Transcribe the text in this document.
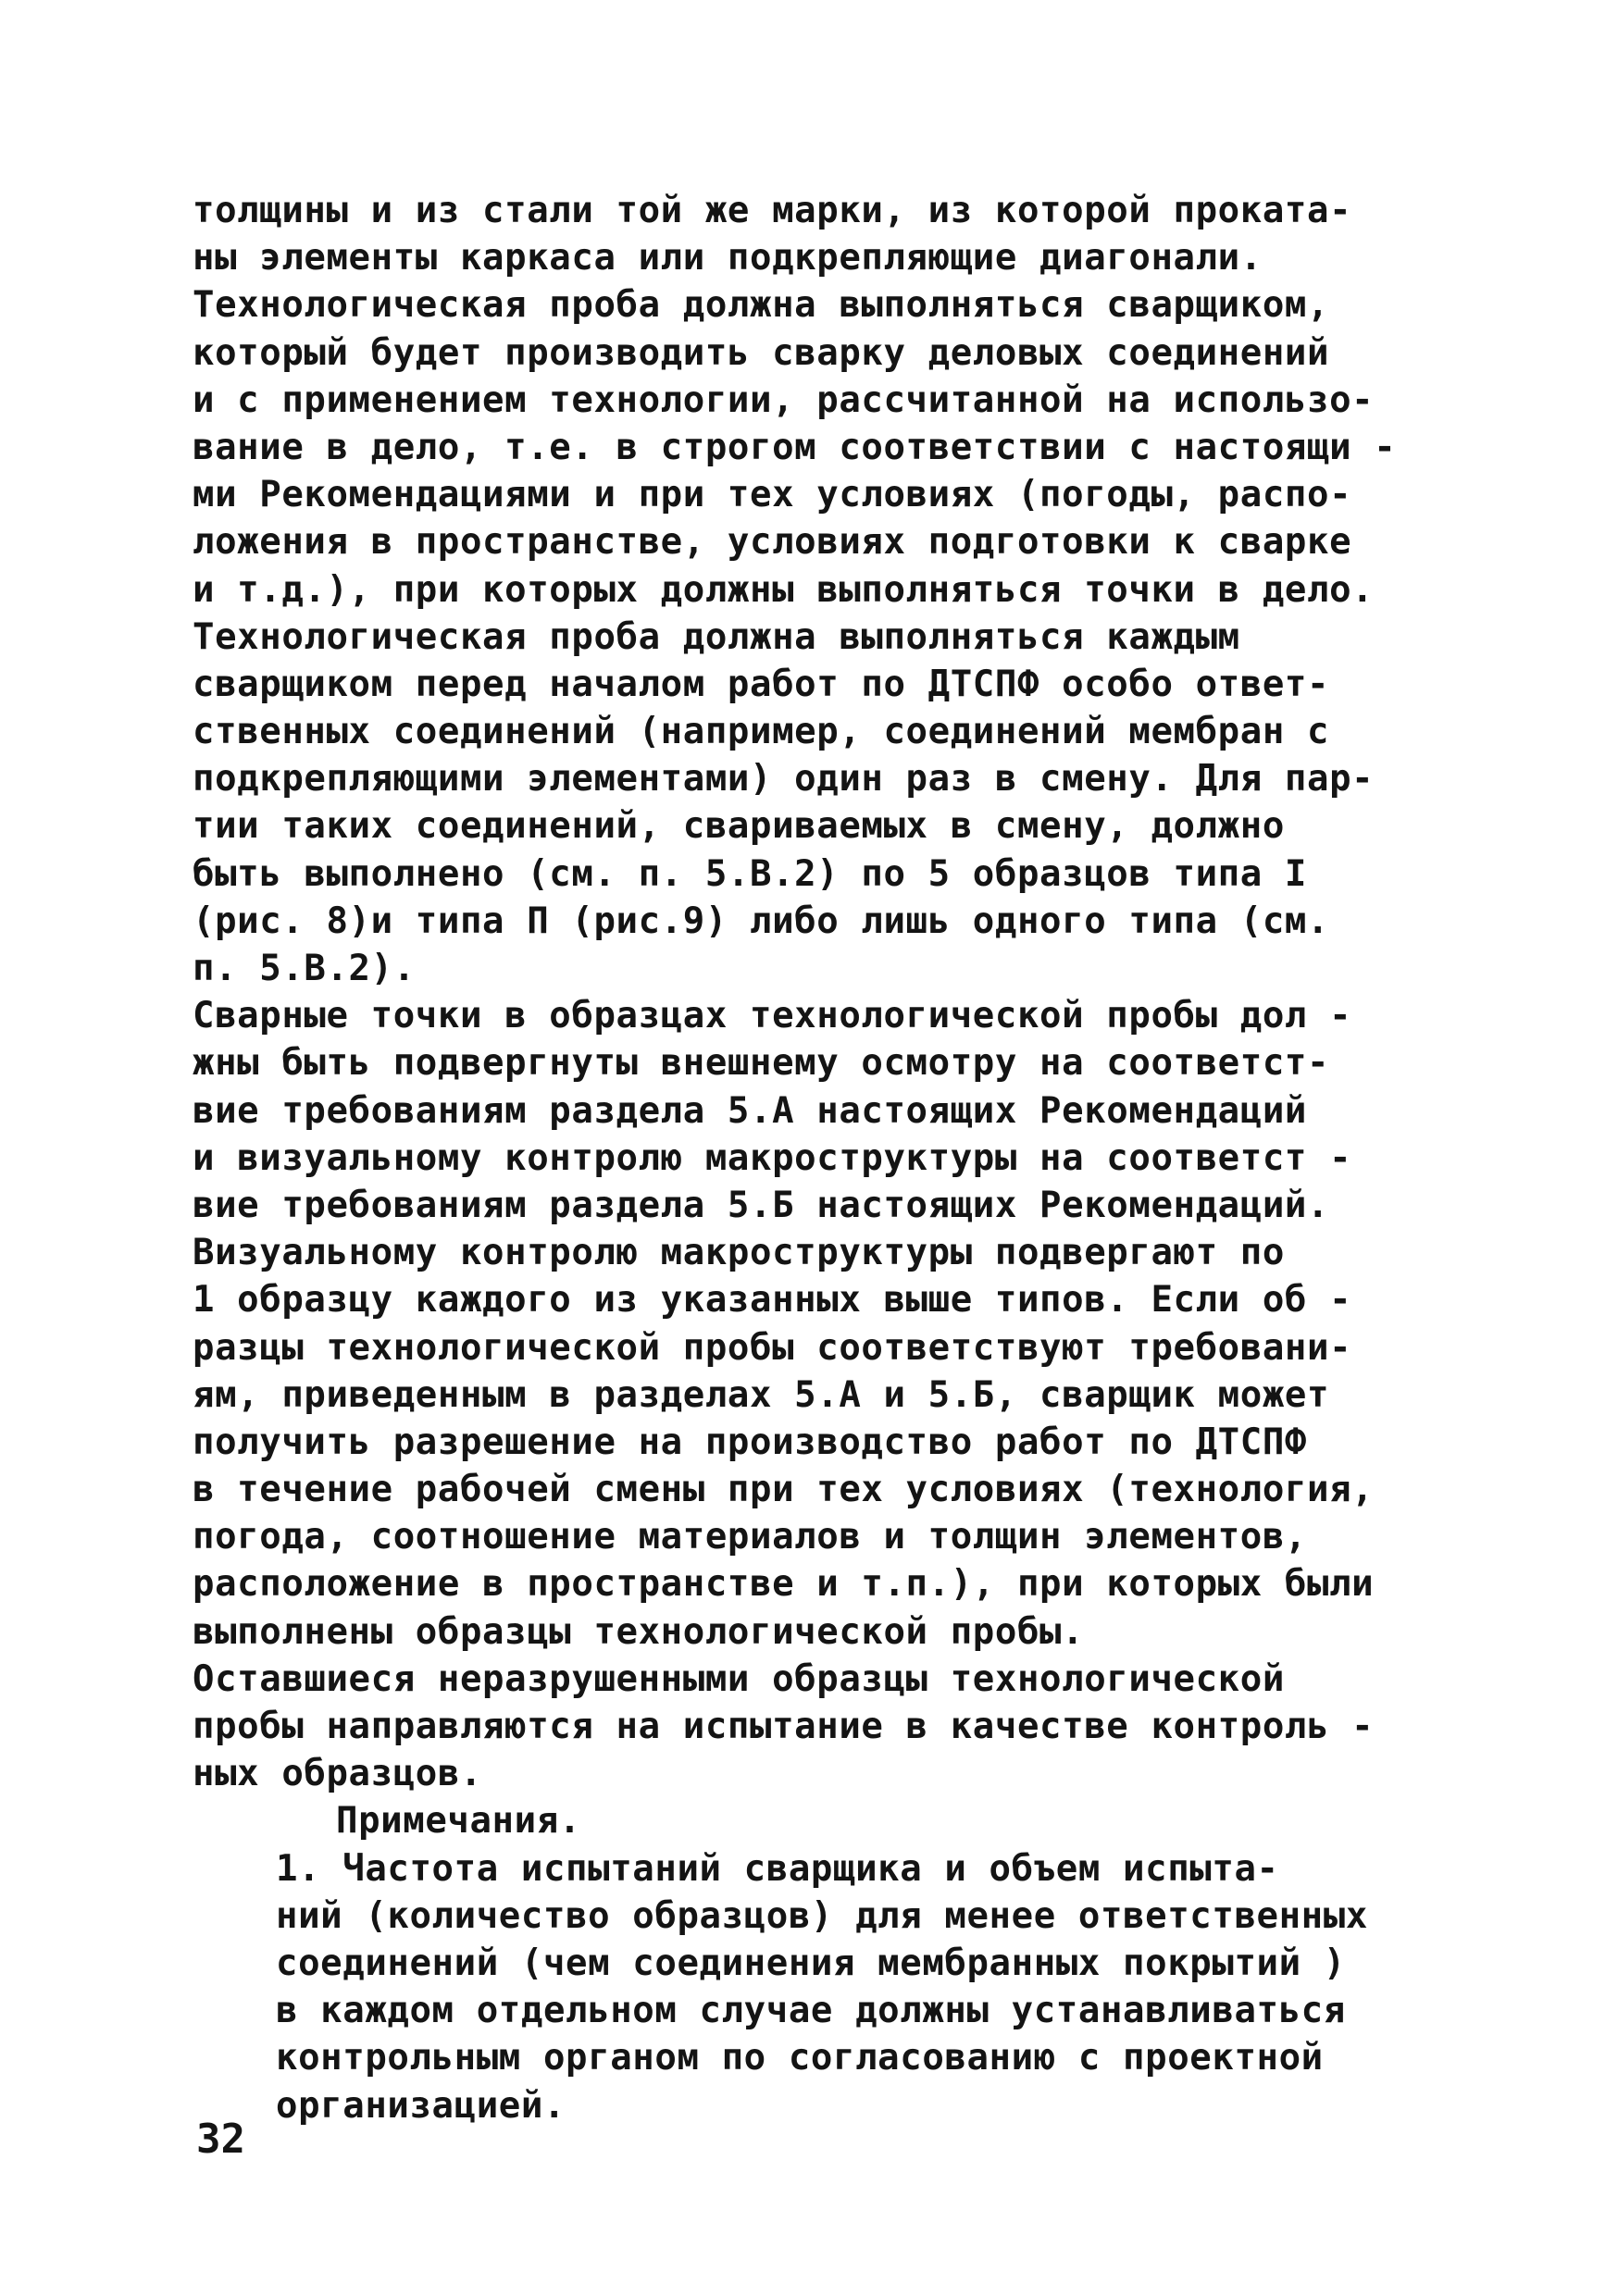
толщины и из стали той же марки, из которой проката-
ны элементы каркаса или подкрепляющие диагонали.
Технологическая проба должна выполняться сварщиком,
который будет производить сварку деловых соединений
и с применением технологии, рассчитанной на использо-
вание в дело, т.е. в строгом соответствии с настоящи -
ми Рекомендациями и при тех условиях (погоды, распо-
ложения в пространстве, условиях подготовки к сварке
и т.д.), при которых должны выполняться точки в дело.
Технологическая проба должна выполняться каждым
сварщиком перед началом работ по ДТСПФ особо ответ-
ственных соединений (например, соединений мембран с
подкрепляющими элементами) один раз в смену. Для пар-
тии таких соединений, свариваемых в смену, должно
быть выполнено (см. п. 5.В.2) по 5 образцов типа I
(рис. 8)и типа П (рис.9) либо лишь одного типа (см.
п. 5.В.2).
Сварные точки в образцах технологической пробы дол -
жны быть подвергнуты внешнему осмотру на соответст-
вие требованиям раздела 5.А настоящих Рекомендаций
и визуальному контролю макроструктуры на соответст -
вие требованиям раздела 5.Б настоящих Рекомендаций.
Визуальному контролю макроструктуры подвергают по
1 образцу каждого из указанных выше типов. Если об -
разцы технологической пробы соответствуют требовани-
ям, приведенным в разделах 5.А и 5.Б, сварщик может
получить разрешение на производство работ по ДТСПФ
в течение рабочей смены при тех условиях (технология,
погода, соотношение материалов и толщин элементов,
расположение в пространстве и т.п.), при которых были
выполнены образцы технологической пробы.
Оставшиеся неразрушенными образцы технологической
пробы направляются на испытание в качестве контроль -
ных образцов.
Примечания.
1. Частота испытаний сварщика и объем испыта-
ний (количество образцов) для менее ответственных
соединений (чем соединения мембранных покрытий )
в каждом отдельном случае должны устанавливаться
контрольным органом по согласованию с проектной
организацией.
32
